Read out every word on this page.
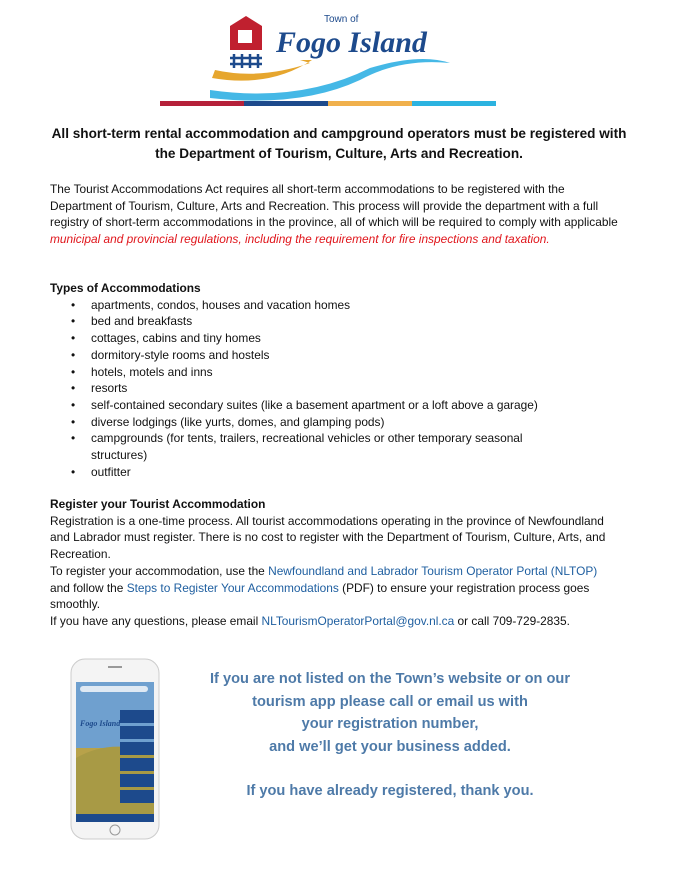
Town of
Fogo Island
All short-term rental accommodation and campground operators must be registered with the Department of Tourism, Culture, Arts and Recreation.

The Tourist Accommodations Act requires all short-term accommodations to be registered with the Department of Tourism, Culture, Arts and Recreation. This process will provide the department with a full registry of short-term accommodations in the province, all of which will be required to comply with applicable municipal and provincial regulations, including the requirement for fire inspections and taxation.

Types of Accommodations
• apartments, condos, houses and vacation homes
• bed and breakfasts
• cottages, cabins and tiny homes
• dormitory-style rooms and hostels
• hotels, motels and inns
• resorts
• self-contained secondary suites (like a basement apartment or a loft above a garage)
• diverse lodgings (like yurts, domes, and glamping pods)
• campgrounds (for tents, trailers, recreational vehicles or other temporary seasonal structures)
• outfitter
Register your Tourist Accommodation
Registration is a one-time process. All tourist accommodations operating in the province of Newfoundland and Labrador must register. There is no cost to register with the Department of Tourism, Culture, Arts, and Recreation.
To register your accommodation, use the Newfoundland and Labrador Tourism Operator Portal (NLTOP) and follow the Steps to Register Your Accommodations (PDF) to ensure your registration process goes smoothly.
If you have any questions, please email NLTourismOperatorPortal@gov.nl.ca or call 709-729-2835.
Fogo Island
If you are not listed on the Town’s website or on our
tourism app please call or email us with
your registration number,
and we’ll get your business added.
If you have already registered, thank you.
